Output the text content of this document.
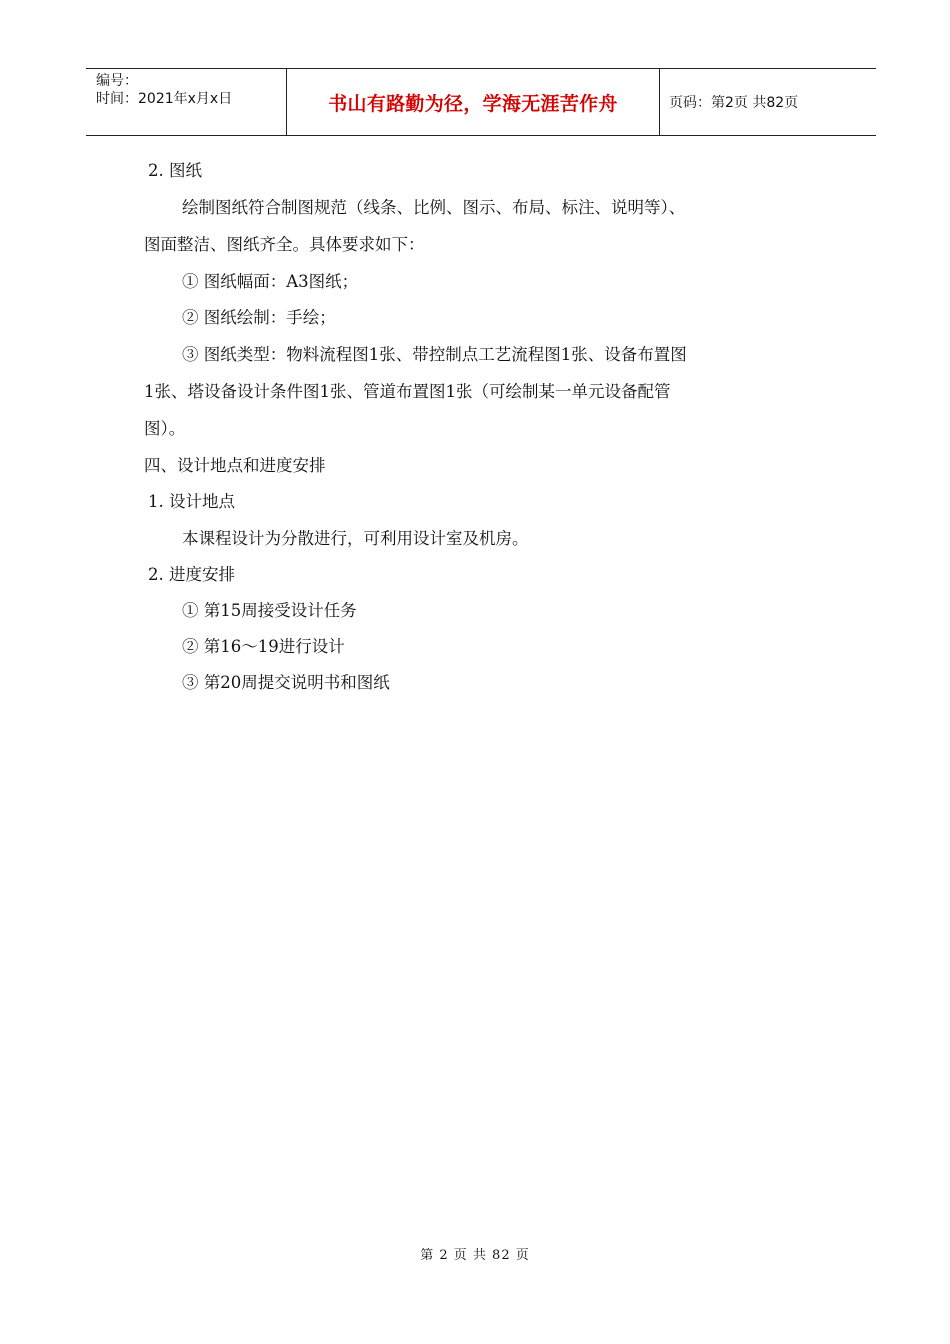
编号：
时间：2021年x月x日	书山有路勤为径，学海无涯苦作舟	页码：第2页 共82页
2. 图纸
绘制图纸符合制图规范（线条、比例、图示、布局、标注、说明等）、
图面整洁、图纸齐全。具体要求如下：
① 图纸幅面：A3图纸；
② 图纸绘制：手绘；
③ 图纸类型：物料流程图1张、带控制点工艺流程图1张、设备布置图
1张、塔设备设计条件图1张、管道布置图1张（可绘制某一单元设备配管
图）。
四、设计地点和进度安排
1. 设计地点
本课程设计为分散进行，可利用设计室及机房。
2. 进度安排
① 第15周接受设计任务
② 第16～19进行设计
③ 第20周提交说明书和图纸
第 2 页 共 82 页
